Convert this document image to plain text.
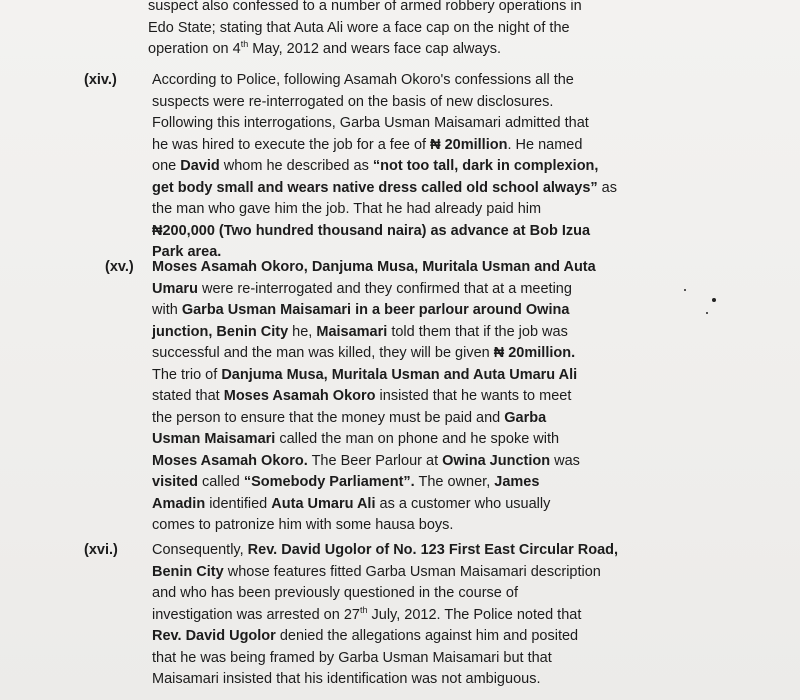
suspect also confessed to a number of armed robbery operations in
Edo State; stating that Auta Ali wore a face cap on the night of the
operation on 4th May, 2012 and wears face cap always.
(xiv.) According to Police, following Asamah Okoro's confessions all the
suspects were re-interrogated on the basis of new disclosures.
Following this interrogations, Garba Usman Maisamari admitted that
he was hired to execute the job for a fee of ₦ 20million. He named
one David whom he described as “not too tall, dark in complexion,
get body small and wears native dress called old school always” as
the man who gave him the job. That he had already paid him
₦200,000 (Two hundred thousand naira) as advance at Bob Izua
Park area.
(xv.) Moses Asamah Okoro, Danjuma Musa, Muritala Usman and Auta
Umaru were re-interrogated and they confirmed that at a meeting
with Garba Usman Maisamari in a beer parlour around Owina
junction, Benin City he, Maisamari told them that if the job was
successful and the man was killed, they will be given ₦ 20million.
The trio of Danjuma Musa, Muritala Usman and Auta Umaru Ali
stated that Moses Asamah Okoro insisted that he wants to meet
the person to ensure that the money must be paid and Garba
Usman Maisamari called the man on phone and he spoke with
Moses Asamah Okoro. The Beer Parlour at Owina Junction was
visited called “Somebody Parliament”. The owner, James
Amadin identified Auta Umaru Ali as a customer who usually
comes to patronize him with some hausa boys.
(xvi.) Consequently, Rev. David Ugolor of No. 123 First East Circular Road,
Benin City whose features fitted Garba Usman Maisamari description
and who has been previously questioned in the course of
investigation was arrested on 27th July, 2012. The Police noted that
Rev. David Ugolor denied the allegations against him and posited
that he was being framed by Garba Usman Maisamari but that
Maisamari insisted that his identification was not ambiguous.
